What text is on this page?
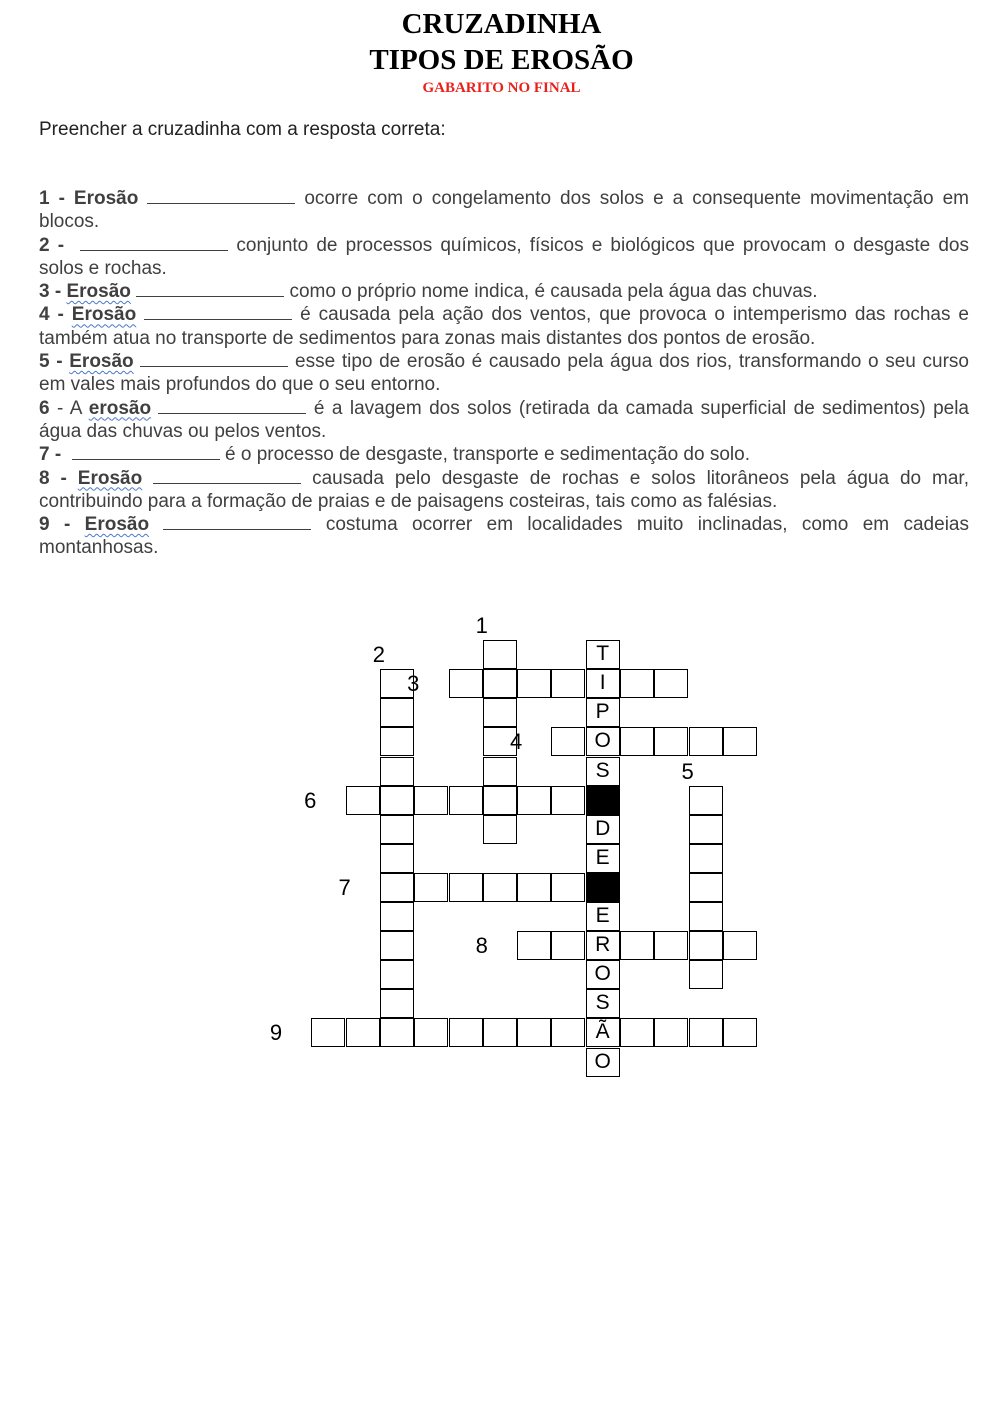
CRUZADINHA
TIPOS DE EROSÃO
GABARITO NO FINAL

Preencher a cruzadinha com a resposta correta:

1 - Erosão	ocorre com o congelamento dos solos e a consequente movimentação em blocos.

2 -	conjunto de processos químicos, físicos e biológicos que provocam o desgaste dos solos e rochas.

3 - Erosão	como o próprio nome indica, é causada pela água das chuvas.

4 - Erosão	é causada pela ação dos ventos, que provoca o intemperismo das rochas e também atua no transporte de sedimentos para zonas mais distantes dos pontos de erosão.

5 - Erosão	esse tipo de erosão é causado pela água dos rios, transformando o seu curso em vales mais profundos do que o seu entorno.

6 - A erosão	é a lavagem dos solos (retirada da camada superficial de sedimentos) pela água das chuvas ou pelos ventos.

7 -	é o processo de desgaste, transporte e sedimentação do solo.

8 - Erosão	causada pelo desgaste de rochas e solos litorâneos pela água do mar, contribuindo para a formação de praias e de paisagens costeiras, tais como as falésias.

9 - Erosão	costuma ocorrer em localidades muito inclinadas, como em cadeias montanhosas.

I
O
R
Ã
T
P
S
D
E
E
O
S
O
1
2
3
4
5
6
7
8
9
